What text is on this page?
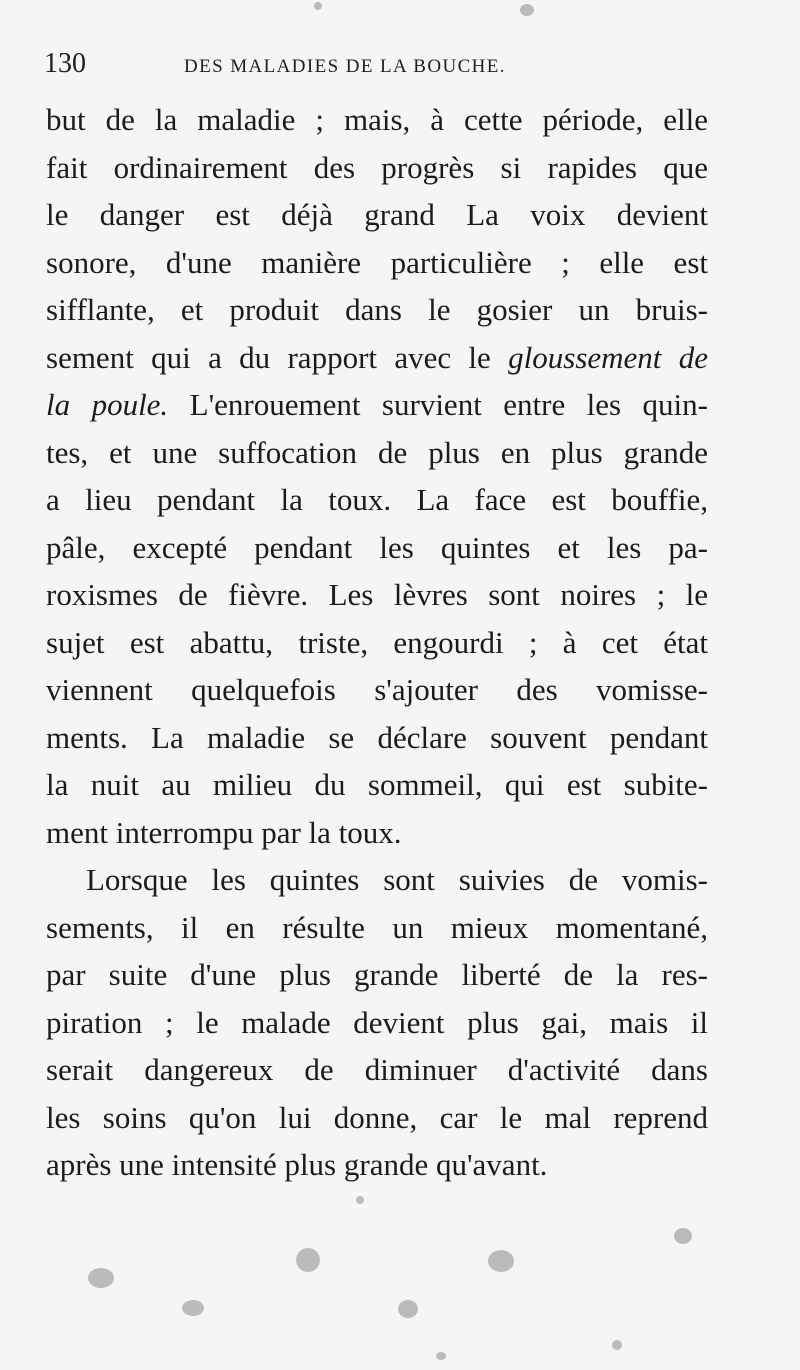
130	DES MALADIES DE LA BOUCHE.
but de la maladie ; mais, à cette période, elle
fait ordinairement des progrès si rapides que
le danger est déjà grand La voix devient
sonore, d'une manière particulière ; elle est
sifflante, et produit dans le gosier un bruis-
sement qui a du rapport avec le gloussement de
la poule. L'enrouement survient entre les quin-
tes, et une suffocation de plus en plus grande
a lieu pendant la toux. La face est bouffie,
pâle, excepté pendant les quintes et les pa-
roxismes de fièvre. Les lèvres sont noires ; le
sujet est abattu, triste, engourdi ; à cet état
viennent quelquefois s'ajouter des vomisse-
ments. La maladie se déclare souvent pendant
la nuit au milieu du sommeil, qui est subite-
ment interrompu par la toux.
Lorsque les quintes sont suivies de vomis-
sements, il en résulte un mieux momentané,
par suite d'une plus grande liberté de la res-
piration ; le malade devient plus gai, mais il
serait dangereux de diminuer d'activité dans
les soins qu'on lui donne, car le mal reprend
après une intensité plus grande qu'avant.
